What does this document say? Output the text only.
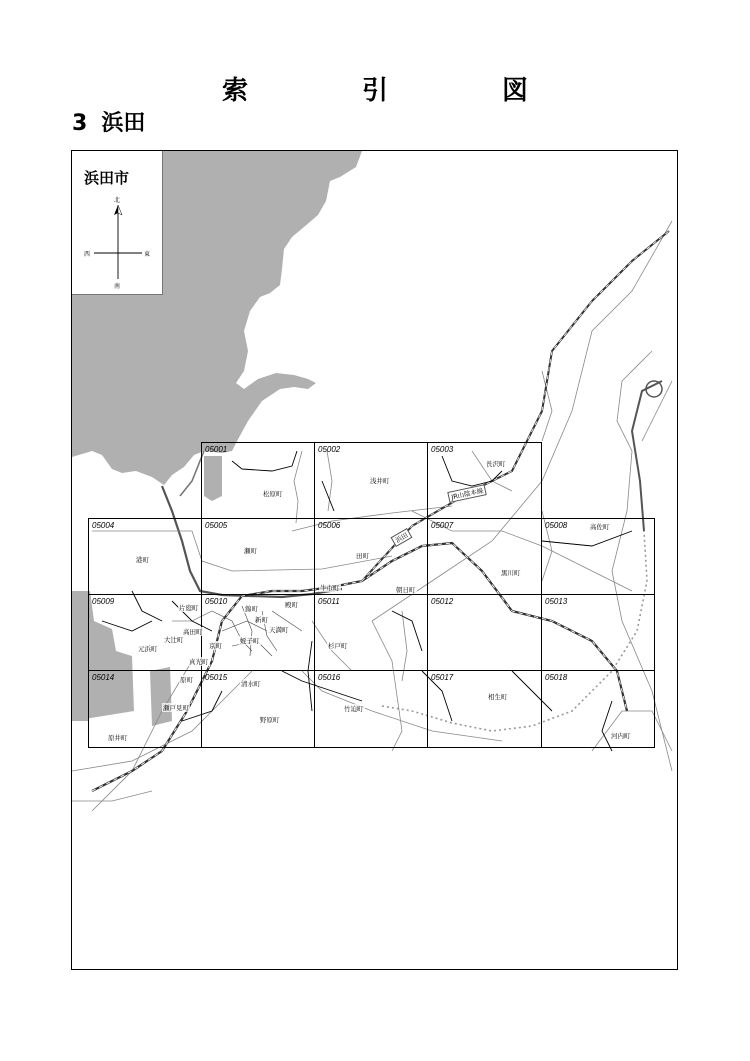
索　引　図
3 浜田
浜田市
北
南
東
西
05001	05002	05003
05004	05005	05006	05007	05008
05009	05010	05011	05012	05013
05014	05015	05016	05017	05018
松原町
浅井町
長沢町
港町
瀬町
田町
黒川町
高佐町
片庭町	錦町	殿町
新町
牛市町	朝日町
大辻町
高田町	天満町
杉戸町
元浜町	京町
蛭子町
真光町
原町	清水町
相生町
竹迫町
瀬戸見町
野原町
原井町	河内町
JR山陰本線
浜田
